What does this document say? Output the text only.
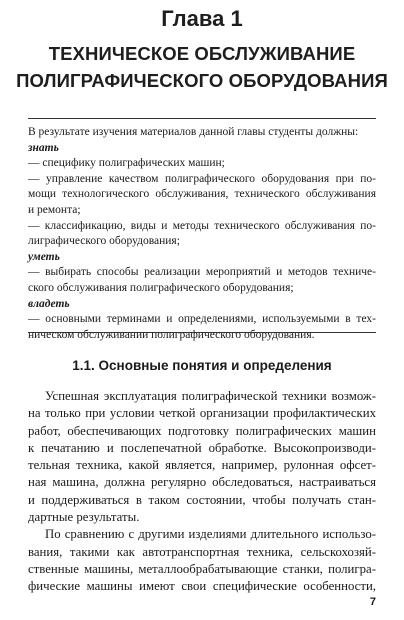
Глава 1
ТЕХНИЧЕСКОЕ ОБСЛУЖИВАНИЕ
ПОЛИГРАФИЧЕСКОГО ОБОРУДОВАНИЯ
В результате изучения материалов данной главы студенты должны:
знать
— специфику полиграфических машин;
— управление качеством полиграфического оборудования при по-
мощи технологического обслуживания, технического обслуживания
и ремонта;
— классификацию, виды и методы технического обслуживания по-
лиграфического оборудования;
уметь
— выбирать способы реализации мероприятий и методов техниче-
ского обслуживания полиграфического оборудования;
владеть
— основными терминами и определениями, используемыми в тех-
ническом обслуживании полиграфического оборудования.
1.1. Основные понятия и определения
Успешная эксплуатация полиграфической техники возмож-
на только при условии четкой организации профилактических
работ, обеспечивающих подготовку полиграфических машин
к печатанию и послепечатной обработке. Высокопроизводи-
тельная техника, какой является, например, рулонная офсет-
ная машина, должна регулярно обследоваться, настраиваться
и поддерживаться в таком состоянии, чтобы получать стан-
дартные результаты.
По сравнению с другими изделиями длительного использо-
вания, такими как автотранспортная техника, сельскохозяй-
ственные машины, металлообрабатывающие станки, полигра-
фические машины имеют свои специфические особенности,
7
